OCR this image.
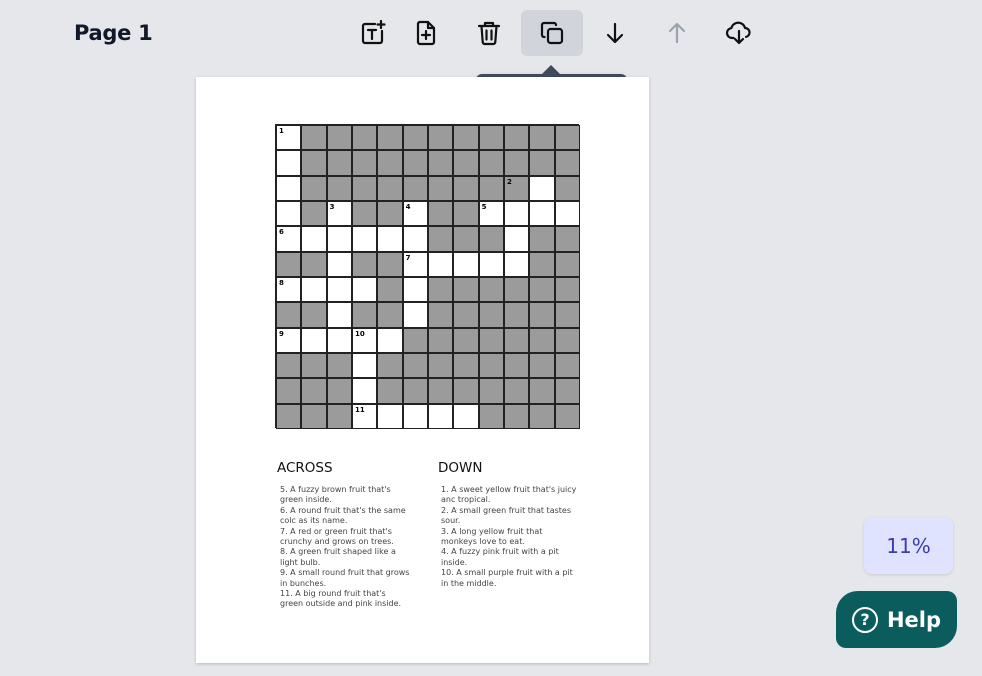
Page 1
1
2
3	4	5
6
7
8
9	10
11
ACROSS
5. A fuzzy brown fruit that's green inside.
6. A round fruit that's the same colc as its name.
7. A red or green fruit that's crunchy and grows on trees.
8. A green fruit shaped like a light bulb.
9. A small round fruit that grows in bunches.
11. A big round fruit that's green outside and pink inside.
DOWN
1. A sweet yellow fruit that's juicy anc tropical.
2. A small green fruit that tastes sour.
3. A long yellow fruit that monkeys love to eat.
4. A fuzzy pink fruit with a pit inside.
10. A small purple fruit with a pit in the middle.
11%
? Help
